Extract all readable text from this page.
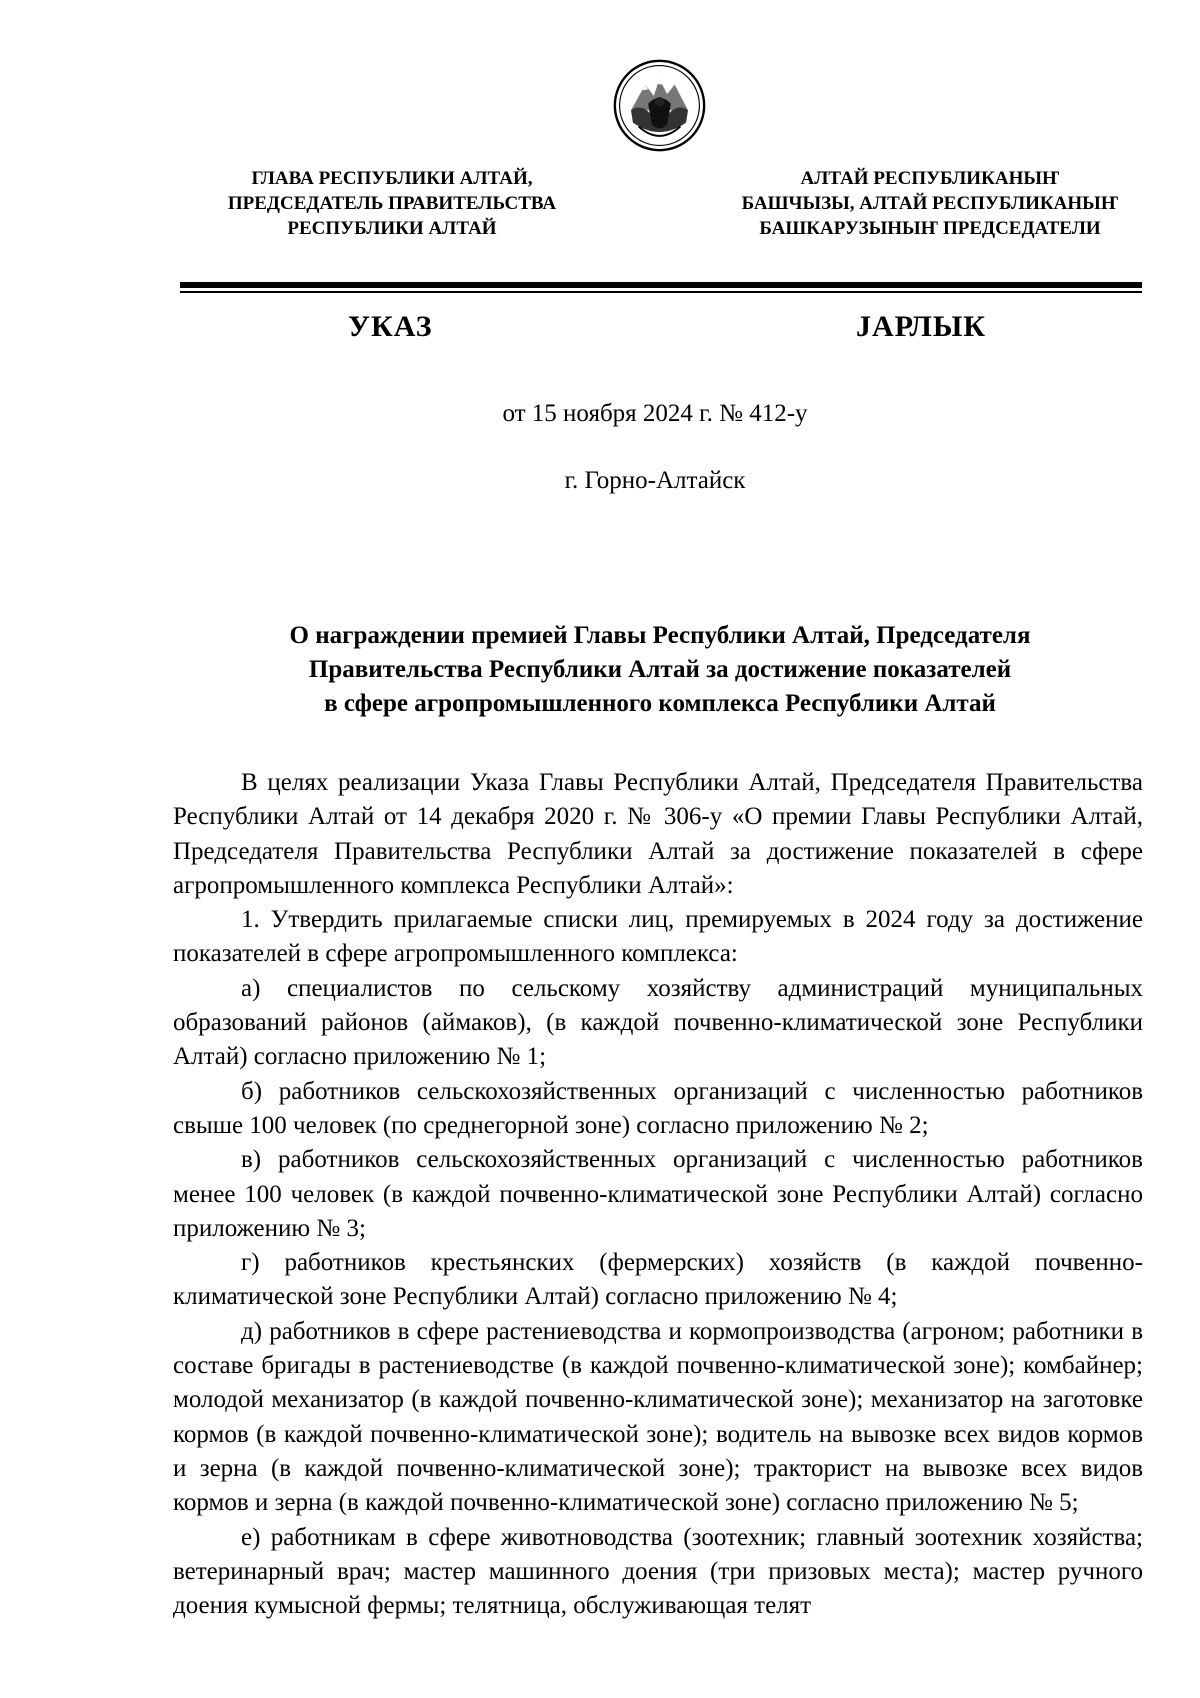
ГЛАВА РЕСПУБЛИКИ АЛТАЙ,
ПРЕДСЕДАТЕЛЬ ПРАВИТЕЛЬСТВА
РЕСПУБЛИКИ АЛТАЙ
АЛТАЙ РЕСПУБЛИКАНЫҤ
БАШЧЫЗЫ, АЛТАЙ РЕСПУБЛИКАНЫҤ
БАШКАРУЗЫНЫҤ ПРЕДСЕДАТЕЛИ
УКАЗ	ЈАРЛЫК
от 15 ноября 2024 г. № 412-у
г. Горно-Алтайск
О награждении премией Главы Республики Алтай, Председателя
Правительства Республики Алтай за достижение показателей
в сфере агропромышленного комплекса Республики Алтай

В целях реализации Указа Главы Республики Алтай, Председателя Правительства Республики Алтай от 14 декабря 2020 г. № 306-у «О премии Главы Республики Алтай, Председателя Правительства Республики Алтай за достижение показателей в сфере агропромышленного комплекса Республики Алтай»:

1. Утвердить прилагаемые списки лиц, премируемых в 2024 году за достижение показателей в сфере агропромышленного комплекса:

а) специалистов по сельскому хозяйству администраций муниципальных образований районов (аймаков), (в каждой почвенно-климатической зоне Республики Алтай) согласно приложению № 1;

б) работников сельскохозяйственных организаций с численностью работников свыше 100 человек (по среднегорной зоне) согласно приложению № 2;

в) работников сельскохозяйственных организаций с численностью работников менее 100 человек (в каждой почвенно-климатической зоне Республики Алтай) согласно приложению № 3;

г) работников крестьянских (фермерских) хозяйств (в каждой почвенно-климатической зоне Республики Алтай) согласно приложению № 4;

д) работников в сфере растениеводства и кормопроизводства (агроном; работники в составе бригады в растениеводстве (в каждой почвенно-климатической зоне); комбайнер; молодой механизатор (в каждой почвенно-климатической зоне); механизатор на заготовке кормов (в каждой почвенно-климатической зоне); водитель на вывозке всех видов кормов и зерна (в каждой почвенно-климатической зоне); тракторист на вывозке всех видов кормов и зерна (в каждой почвенно-климатической зоне) согласно приложению № 5;

е) работникам в сфере животноводства (зоотехник; главный зоотехник хозяйства; ветеринарный врач; мастер машинного доения (три призовых места); мастер ручного доения кумысной фермы; телятница, обслуживающая телят
